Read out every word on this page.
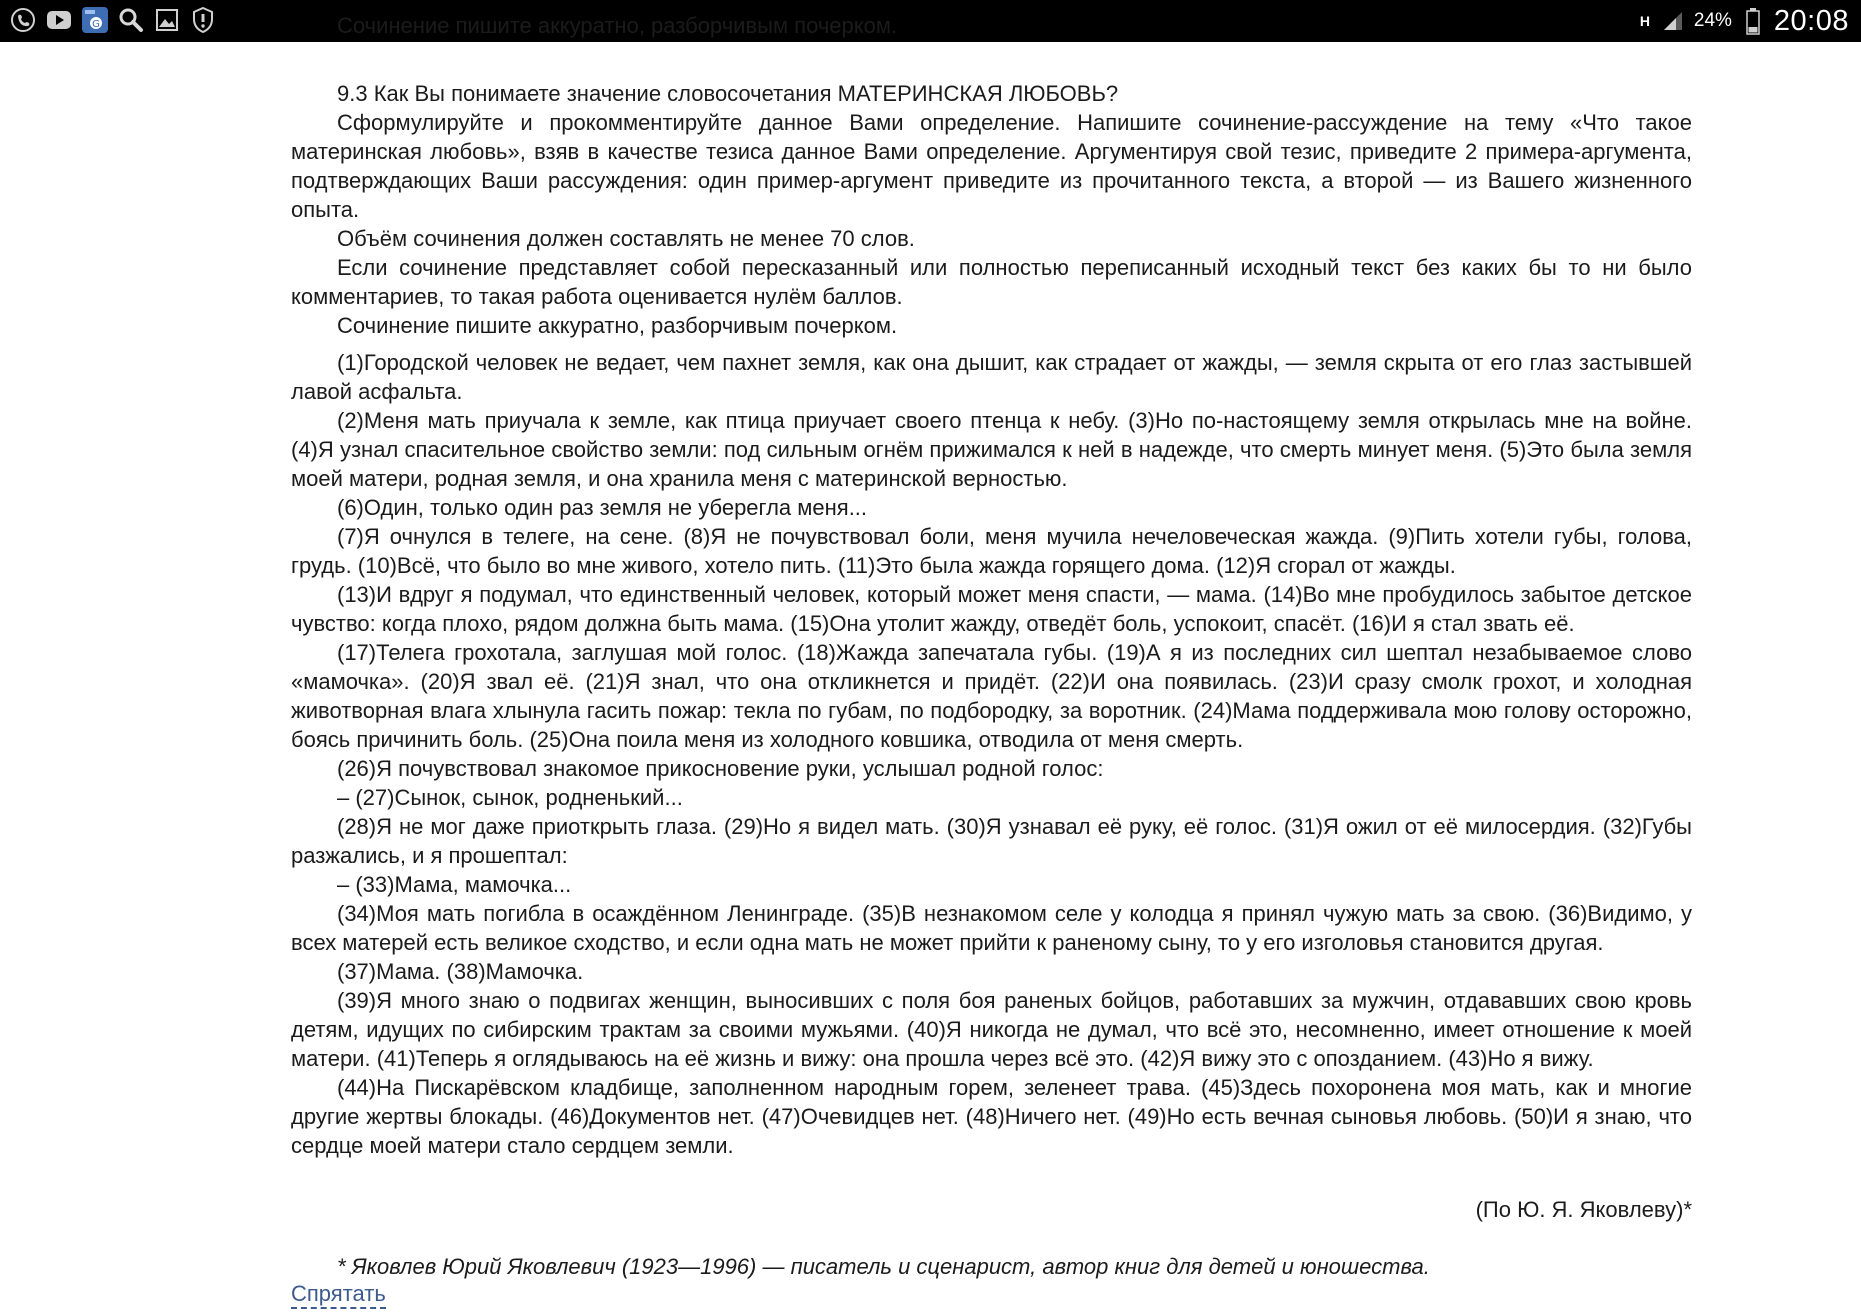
G	H 24% 20:08

Сочинение пишите аккуратно, разборчивым почерком.

9.3 Как Вы понимаете значение словосочетания МАТЕРИНСКАЯ ЛЮБОВЬ?

Сформулируйте и прокомментируйте данное Вами определение. Напишите сочинение-рассуждение на тему «Что такое материнская любовь», взяв в качестве тезиса данное Вами определение. Аргументируя свой тезис, приведите 2 примера-аргумента, подтверждающих Ваши рассуждения: один пример-аргумент приведите из прочитанного текста, а второй — из Вашего жизненного опыта.

Объём сочинения должен составлять не менее 70 слов.

Если сочинение представляет собой пересказанный или полностью переписанный исходный текст без каких бы то ни было комментариев, то такая работа оценивается нулём баллов.

Сочинение пишите аккуратно, разборчивым почерком.

(1)Городской человек не ведает, чем пахнет земля, как она дышит, как страдает от жажды, — земля скрыта от его глаз застывшей лавой асфальта.

(2)Меня мать приучала к земле, как птица приучает своего птенца к небу. (3)Но по-настоящему земля открылась мне на войне. (4)Я узнал спасительное свойство земли: под сильным огнём прижимался к ней в надежде, что смерть минует меня. (5)Это была земля моей матери, родная земля, и она хранила меня с материнской верностью.

(6)Один, только один раз земля не уберегла меня...

(7)Я очнулся в телеге, на сене. (8)Я не почувствовал боли, меня мучила нечеловеческая жажда. (9)Пить хотели губы, голова, грудь. (10)Всё, что было во мне живого, хотело пить. (11)Это была жажда горящего дома. (12)Я сгорал от жажды.

(13)И вдруг я подумал, что единственный человек, который может меня спасти, — мама. (14)Во мне пробудилось забытое детское чувство: когда плохо, рядом должна быть мама. (15)Она утолит жажду, отведёт боль, успокоит, спасёт. (16)И я стал звать её.

(17)Телега грохотала, заглушая мой голос. (18)Жажда запечатала губы. (19)А я из последних сил шептал незабываемое слово «мамочка». (20)Я звал её. (21)Я знал, что она откликнется и придёт. (22)И она появилась. (23)И сразу смолк грохот, и холодная животворная влага хлынула гасить пожар: текла по губам, по подбородку, за воротник. (24)Мама поддерживала мою голову осторожно, боясь причинить боль. (25)Она поила меня из холодного ковшика, отводила от меня смерть.

(26)Я почувствовал знакомое прикосновение руки, услышал родной голос:

– (27)Сынок, сынок, родненький...

(28)Я не мог даже приоткрыть глаза. (29)Но я видел мать. (30)Я узнавал её руку, её голос. (31)Я ожил от её милосердия. (32)Губы разжались, и я прошептал:

– (33)Мама, мамочка...

(34)Моя мать погибла в осаждённом Ленинграде. (35)В незнакомом селе у колодца я принял чужую мать за свою. (36)Видимо, у всех матерей есть великое сходство, и если одна мать не может прийти к раненому сыну, то у его изголовья становится другая.

(37)Мама. (38)Мамочка.

(39)Я много знаю о подвигах женщин, выносивших с поля боя раненых бойцов, работавших за мужчин, отдававших свою кровь детям, идущих по сибирским трактам за своими мужьями. (40)Я никогда не думал, что всё это, несомненно, имеет отношение к моей матери. (41)Теперь я оглядываюсь на её жизнь и вижу: она прошла через всё это. (42)Я вижу это с опозданием. (43)Но я вижу.

(44)На Пискарёвском кладбище, заполненном народным горем, зеленеет трава. (45)Здесь похоронена моя мать, как и многие другие жертвы блокады. (46)Документов нет. (47)Очевидцев нет. (48)Ничего нет. (49)Но есть вечная сыновья любовь. (50)И я знаю, что сердце моей матери стало сердцем земли.

(По Ю. Я. Яковлеву)*
* Яковлев Юрий Яковлевич (1923—1996) — писатель и сценарист, автор книг для детей и юношества.
Спрятать
